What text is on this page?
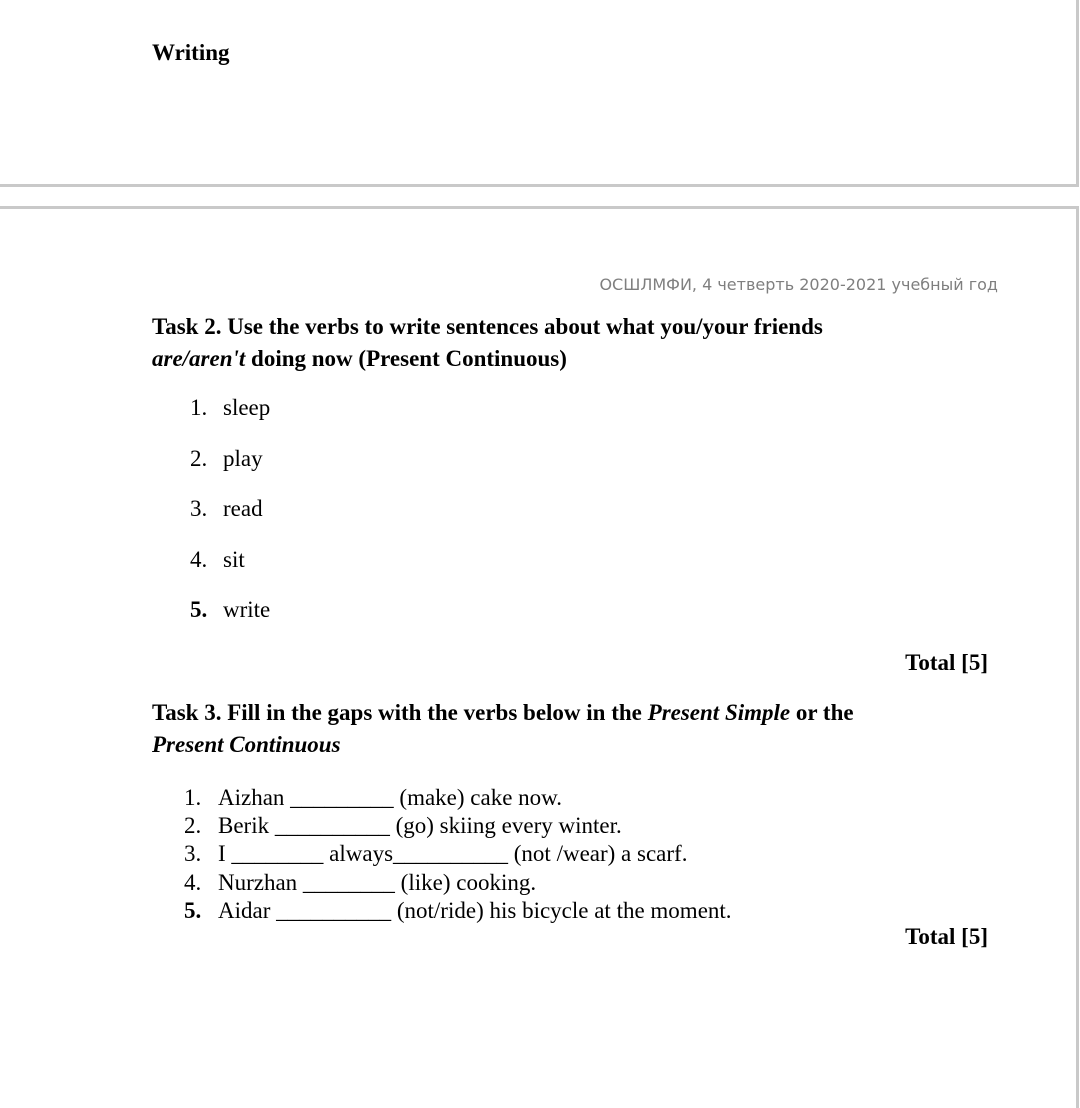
Writing
ОСШЛМФИ, 4 четверть 2020-2021 учебный год
Task 2. Use the verbs to write sentences about what you/your friends
are/aren't doing now (Present Continuous)
1. sleep
2. play
3. read
4. sit
5. write
Total [5]
Task 3. Fill in the gaps with the verbs below in the Present Simple or the
Present Continuous
1. Aizhan _________ (make) cake now.
2. Berik __________ (go) skiing every winter.
3. I ________ always__________ (not /wear) a scarf.
4. Nurzhan ________ (like) cooking.
5. Aidar __________ (not/ride) his bicycle at the moment.
Total [5]
